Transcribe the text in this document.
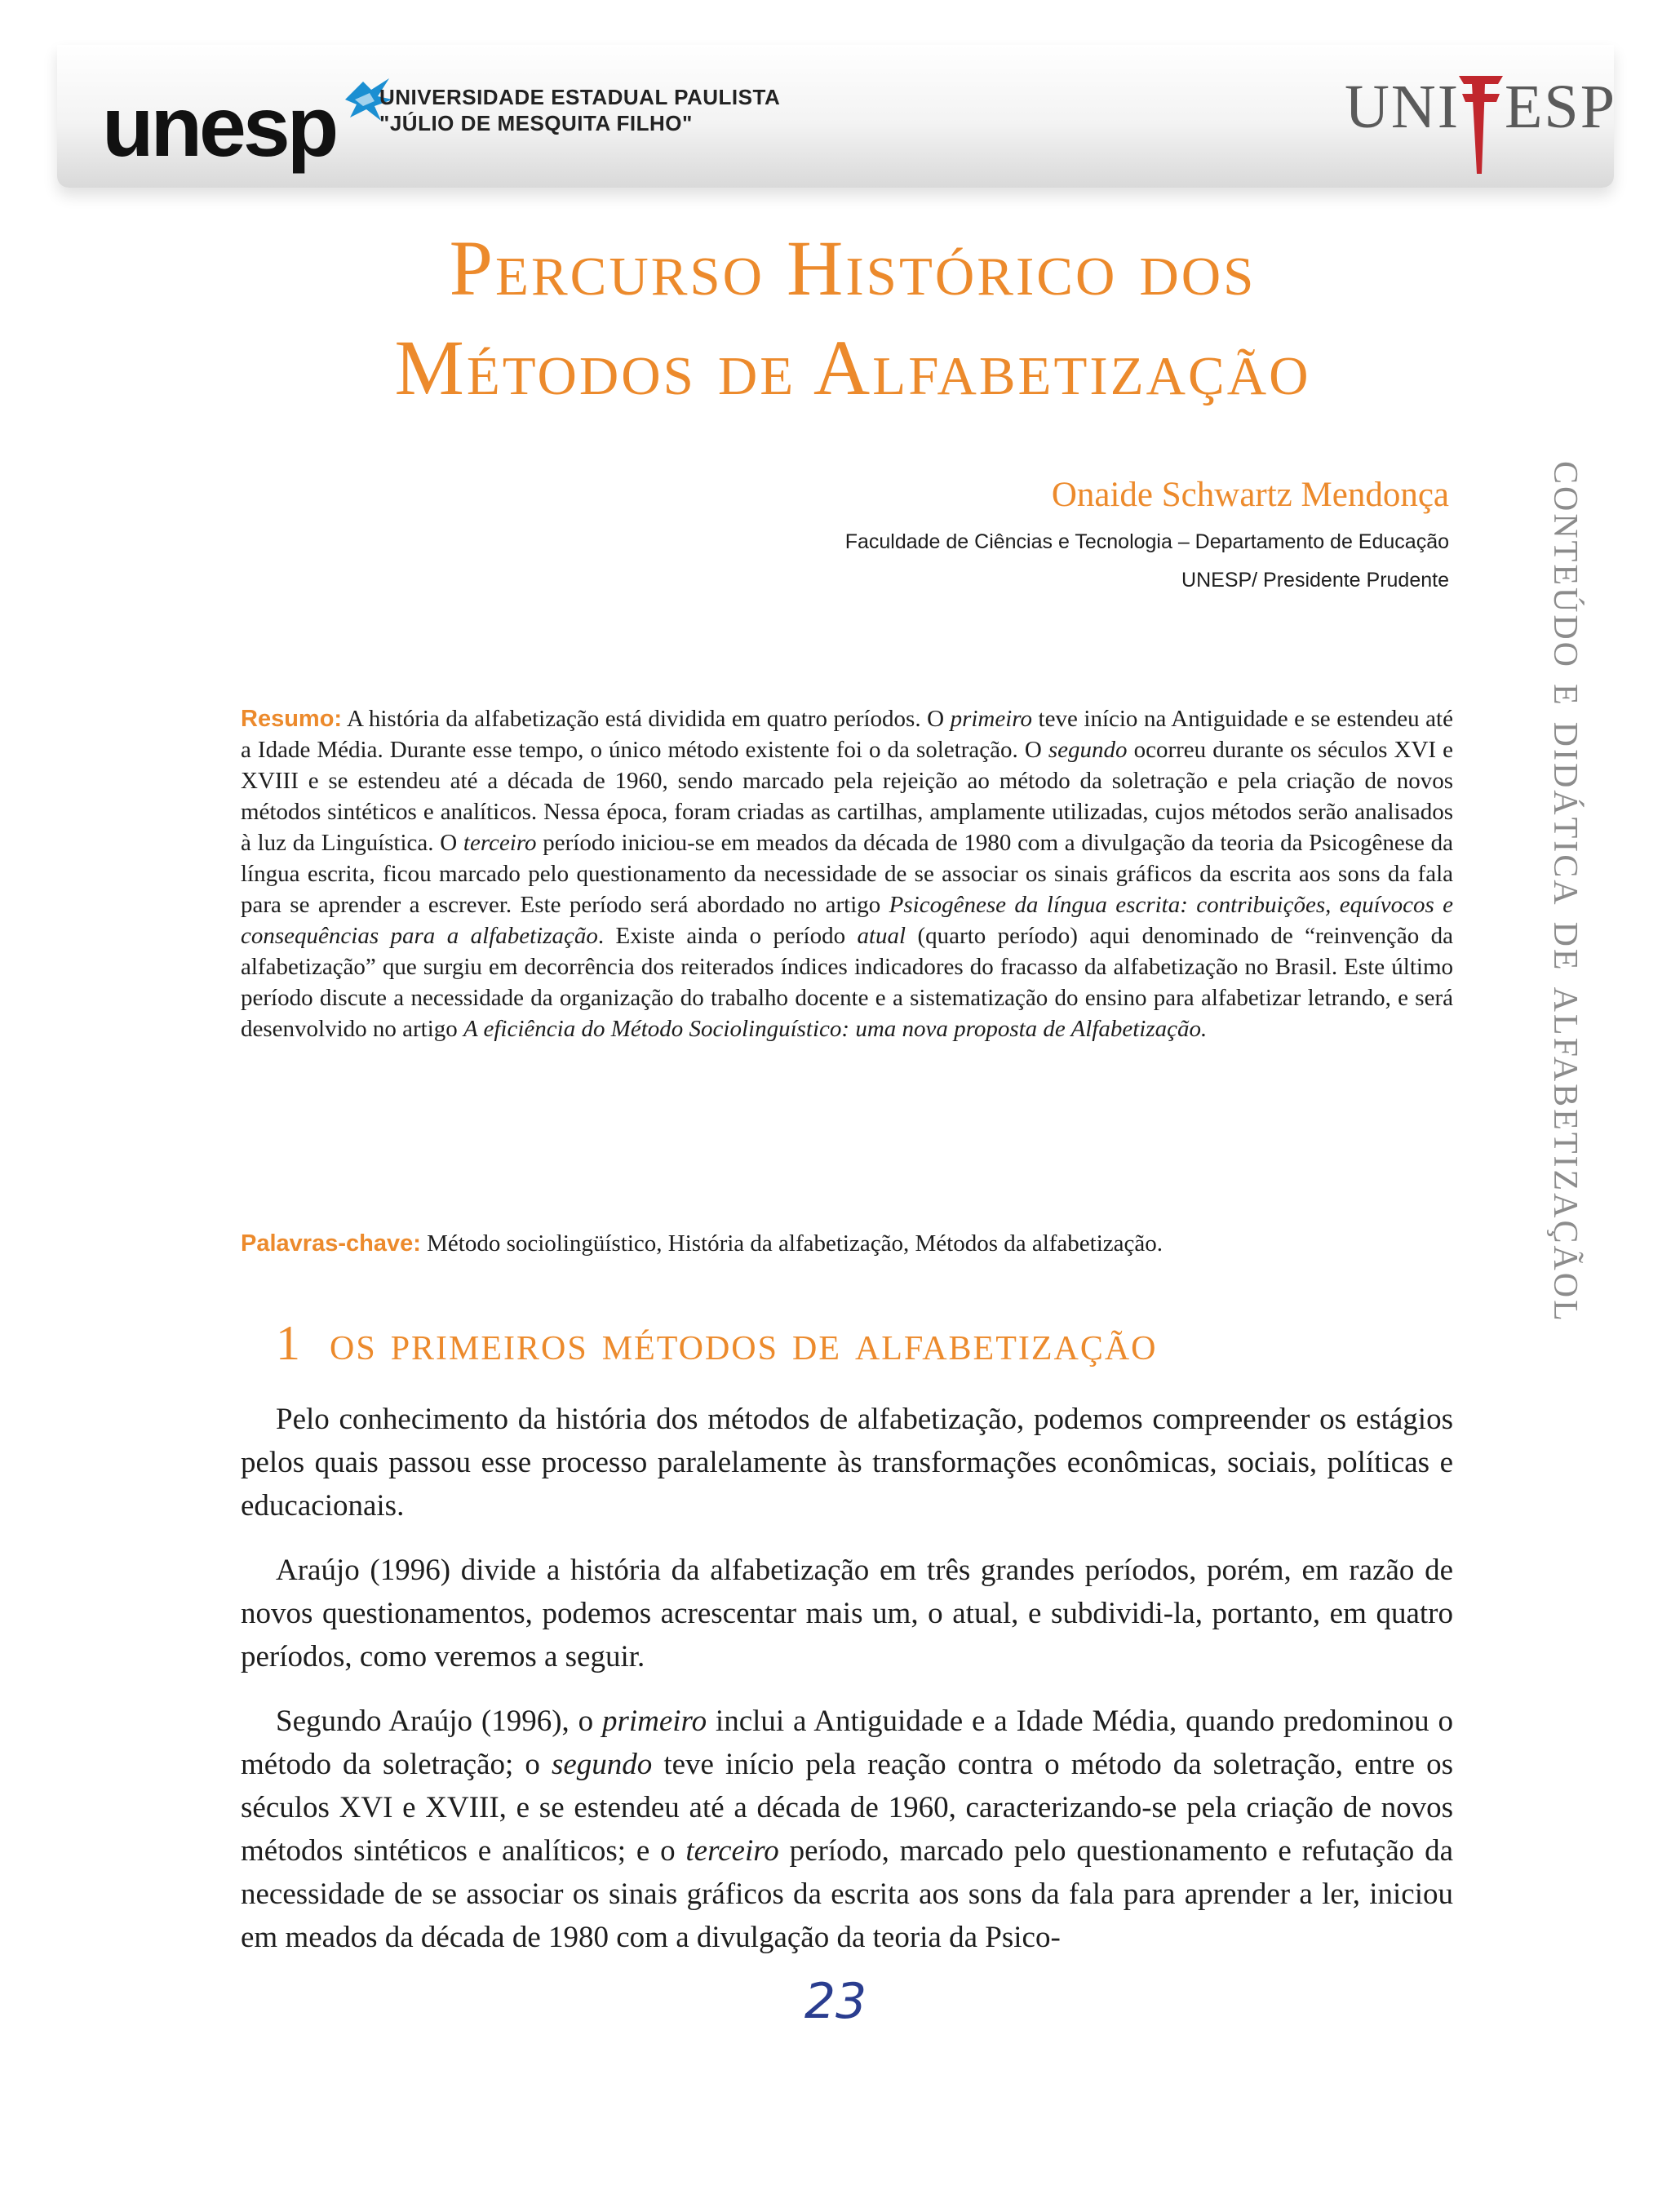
unesp UNIVERSIDADE ESTADUAL PAULISTA
"JÚLIO DE MESQUITA FILHO"	UNI ESP
Percurso Histórico dos
Métodos de Alfabetização
Onaide Schwartz Mendonça
Faculdade de Ciências e Tecnologia – Departamento de Educação
UNESP/ Presidente Prudente conteúdo e didática de alfabetizaçãol

Resumo: A história da alfabetização está dividida em quatro períodos. O primeiro teve início na Antiguidade e se estendeu até a Idade Média. Durante esse tempo, o único método existente foi o da soletração. O segundo ocorreu durante os séculos XVI e XVIII e se estendeu até a década de 1960, sendo marcado pela rejeição ao método da soletração e pela criação de novos métodos sintéticos e analíticos. Nessa época, foram criadas as cartilhas, amplamente utilizadas, cujos métodos serão analisados à luz da Linguística. O terceiro período iniciou-se em meados da década de 1980 com a divulgação da teoria da Psicogênese da língua escrita, ficou marcado pelo questionamento da necessidade de se associar os sinais gráficos da escrita aos sons da fala para se aprender a escrever. Este período será abordado no artigo Psicogênese da língua escrita: contribuições, equívocos e consequências para a alfabetização. Existe ainda o período atual (quarto período) aqui denominado de “reinvenção da alfabetização” que surgiu em decorrência dos reiterados índices indicadores do fracasso da alfabetização no Brasil. Este último período discute a necessidade da organização do trabalho docente e a sistematização do ensino para alfabetizar letrando, e será desenvolvido no artigo A eficiência do Método Sociolinguístico: uma nova proposta de Alfabetização.

Palavras-chave: Método sociolingüístico, História da alfabetização, Métodos da alfabetização.
1 os primeiros métodos de alfabetização

Pelo conhecimento da história dos métodos de alfabetização, podemos compreender os estágios pelos quais passou esse processo paralelamente às transformações econômicas, sociais, políticas e educacionais.

Araújo (1996) divide a história da alfabetização em três grandes períodos, porém, em razão de novos questionamentos, podemos acrescentar mais um, o atual, e subdividi-la, portanto, em quatro períodos, como veremos a seguir.

Segundo Araújo (1996), o primeiro inclui a Antiguidade e a Idade Média, quando predominou o método da soletração; o segundo teve início pela reação contra o método da soletração, entre os séculos XVI e XVIII, e se estendeu até a década de 1960, caracterizando-se pela criação de novos métodos sintéticos e analíticos; e o terceiro período, marcado pelo questionamento e refutação da necessidade de se associar os sinais gráficos da escrita aos sons da fala para aprender a ler, iniciou em meados da década de 1980 com a divulgação da teoria da Psico-

23
